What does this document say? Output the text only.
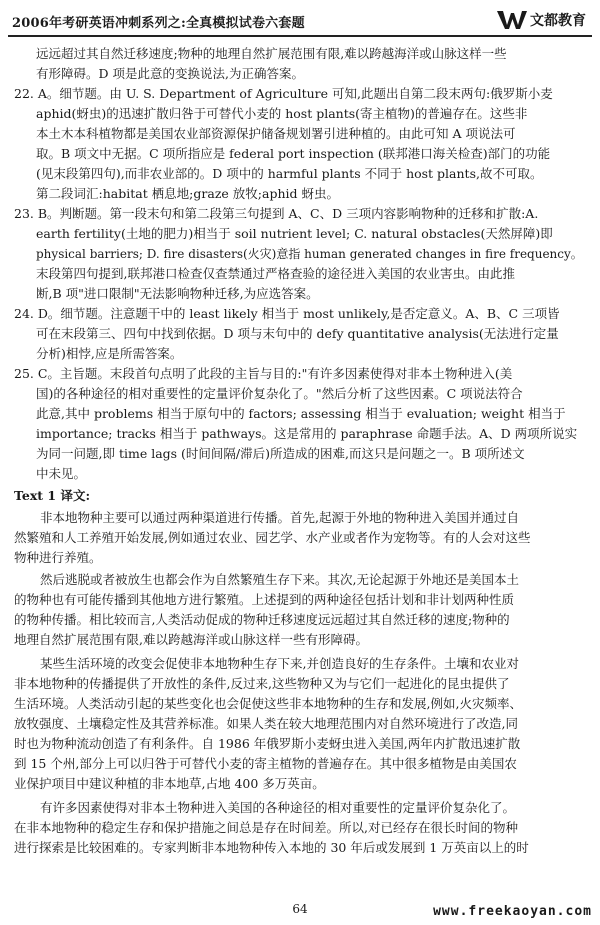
2006年考研英语冲刺系列之:全真模拟试卷六套题	文都教育
远远超过其自然迁移速度;物种的地理自然扩展范围有限,难以跨越海洋或山脉这样一些
有形障碍。D 项是此意的变换说法,为正确答案。
22. A。细节题。由 U. S. Department of Agriculture 可知,此题出自第二段末两句:俄罗斯小麦
aphid(蚜虫)的迅速扩散归咎于可替代小麦的 host plants(寄主植物)的普遍存在。这些非
本土木本科植物都是美国农业部资源保护储备规划署引进种植的。由此可知 A 项说法可
取。B 项文中无据。C 项所指应是 federal port inspection (联邦港口海关检查)部门的功能
(见末段第四句),而非农业部的。D 项中的 harmful plants 不同于 host plants,故不可取。
第二段词汇:habitat 栖息地;graze 放牧;aphid 蚜虫。
23. B。判断题。第一段末句和第二段第三句提到 A、C、D 三项内容影响物种的迁移和扩散:A.
earth fertility(土地的肥力)相当于 soil nutrient level; C. natural obstacles(天然屏障)即
physical barriers; D. fire disasters(火灾)意指 human generated changes in fire frequency。
末段第四句提到,联邦港口检查仅查禁通过严格查验的途径进入美国的农业害虫。由此推
断,B 项"进口限制"无法影响物种迁移,为应选答案。
24. D。细节题。注意题干中的 least likely 相当于 most unlikely,是否定意义。A、B、C 三项皆
可在末段第三、四句中找到依据。D 项与末句中的 defy quantitative analysis(无法进行定量
分析)相悖,应是所需答案。
25. C。主旨题。末段首句点明了此段的主旨与目的:"有许多因素使得对非本土物种进入(美
国)的各种途径的相对重要性的定量评价复杂化了。"然后分析了这些因素。C 项说法符合
此意,其中 problems 相当于原句中的 factors; assessing 相当于 evaluation; weight 相当于
importance; tracks 相当于 pathways。这是常用的 paraphrase 命题手法。A、D 两项所说实
为同一问题,即 time lags (时间间隔/滞后)所造成的困难,而这只是问题之一。B 项所述文
中未见。
Text 1 译文:
非本地物种主要可以通过两种渠道进行传播。首先,起源于外地的物种进入美国并通过自
然繁殖和人工养殖开始发展,例如通过农业、园艺学、水产业或者作为宠物等。有的人会对这些
物种进行养殖。
然后逃脱或者被放生也都会作为自然繁殖生存下来。其次,无论起源于外地还是美国本土
的物种也有可能传播到其他地方进行繁殖。上述提到的两种途径包括计划和非计划两种性质
的物种传播。相比较而言,人类活动促成的物种迁移速度远远超过其自然迁移的速度;物种的
地理自然扩展范围有限,难以跨越海洋或山脉这样一些有形障碍。
某些生活环境的改变会促使非本地物种生存下来,并创造良好的生存条件。土壤和农业对
非本地物种的传播提供了开放性的条件,反过来,这些物种又为与它们一起进化的昆虫提供了
生活环境。人类活动引起的某些变化也会促使这些非本地物种的生存和发展,例如,火灾频率、
放牧强度、土壤稳定性及其营养标准。如果人类在较大地理范围内对自然环境进行了改造,同
时也为物种流动创造了有利条件。自 1986 年俄罗斯小麦蚜虫进入美国,两年内扩散迅速扩散
到 15 个州,部分上可以归咎于可替代小麦的寄主植物的普遍存在。其中很多植物是由美国农
业保护项目中建议种植的非本地草,占地 400 多万英亩。
有许多因素使得对非本土物种进入美国的各种途径的相对重要性的定量评价复杂化了。
在非本地物种的稳定生存和保护措施之间总是存在时间差。所以,对已经存在很长时间的物种
进行探索是比较困难的。专家判断非本地物种传入本地的 30 年后或发展到 1 万英亩以上的时
64	www.freekaoyan.com
